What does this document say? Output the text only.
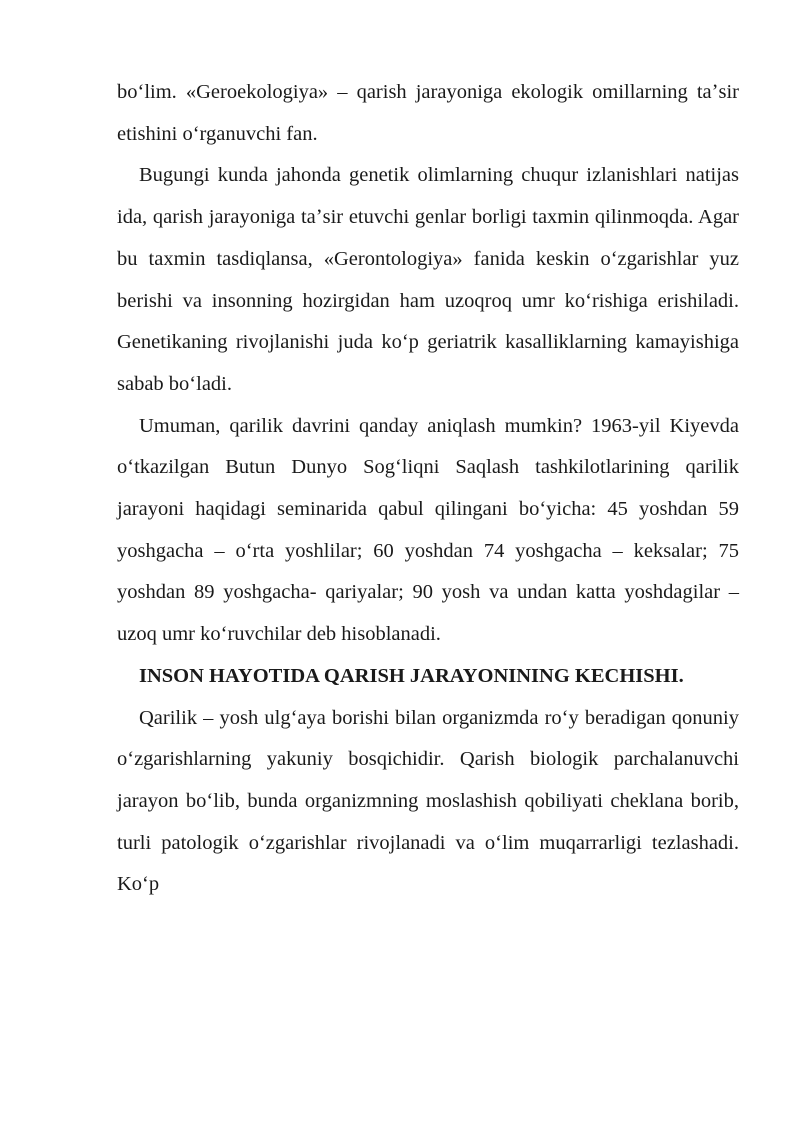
boʻlim. «Geroekologiya» – qarish jarayoniga ekologik omillarning taʼsir etishini oʻrganuvchi fan.

Bugungi kunda jahonda genetik olimlarning chuqur izlanishlari natijas ida, qarish jarayoniga taʼsir etuvchi genlar borligi taxmin qilinmoqda. Agar bu taxmin tasdiqlansa, «Gerontologiya» fanida keskin oʻzgarishlar yuz berishi va insonning hozirgidan ham uzoqroq umr koʻrishiga erishiladi. Genetikaning rivojlanishi juda koʻp geriatrik kasalliklarning kamayishiga sabab boʻladi.

Umuman, qarilik davrini qanday aniqlash mumkin? 1963-yil Kiyevda oʻtkazilgan Butun Dunyo Sogʻliqni Saqlash tashkilotlarining qarilik jarayoni haqidagi seminarida qabul qilingani boʻyicha: 45 yoshdan 59 yoshgacha – oʻrta yoshlilar; 60 yoshdan 74 yoshgacha – keksalar; 75 yoshdan 89 yoshgacha- qariyalar; 90 yosh va undan katta yoshdagilar – uzoq umr koʻruvchilar deb hisoblanadi.

INSON HAYOTIDA QARISH JARAYONINING KECHISHI.

Qarilik – yosh ulgʻaya borishi bilan organizmda roʻy beradigan qonuniy oʻzgarishlarning yakuniy bosqichidir. Qarish biologik parchalanuvchi jarayon boʻlib, bunda organizmning moslashish qobiliyati cheklana borib, turli patologik oʻzgarishlar rivojlanadi va oʻlim muqarrarligi tezlashadi. Koʻp
